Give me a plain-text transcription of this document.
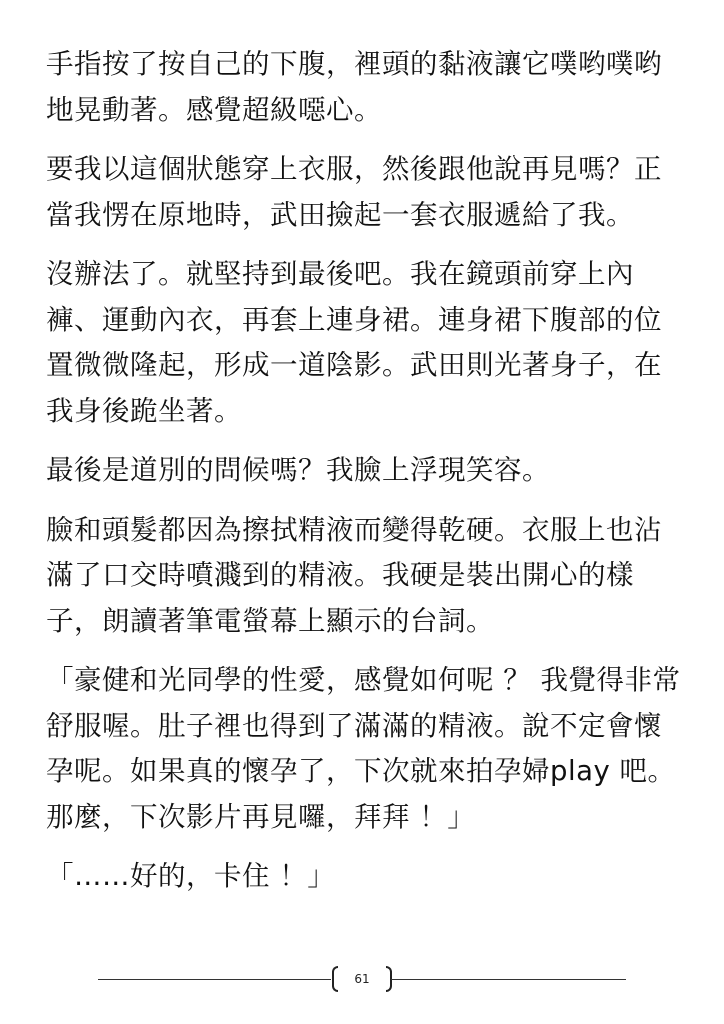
手指按了按自己的下腹，裡頭的黏液讓它噗哟噗哟地晃動著。感覺超級噁心。

要我以這個狀態穿上衣服，然後跟他說再見嗎？正當我愣在原地時，武田撿起一套衣服遞給了我。

沒辦法了。就堅持到最後吧。我在鏡頭前穿上內褲、運動內衣，再套上連身裙。連身裙下腹部的位置微微隆起，形成一道陰影。武田則光著身子，在我身後跪坐著。

最後是道別的問候嗎？我臉上浮現笑容。

臉和頭髮都因為擦拭精液而變得乾硬。衣服上也沾滿了口交時噴濺到的精液。我硬是裝出開心的樣子，朗讀著筆電螢幕上顯示的台詞。

「豪健和光同學的性愛，感覺如何呢 ？ 我覺得非常舒服喔。肚子裡也得到了滿滿的精液。說不定會懷孕呢。如果真的懷孕了，下次就來拍孕婦play 吧。那麼，下次影片再見囉，拜拜 ！」

「……好的，卡住 ！」

61
